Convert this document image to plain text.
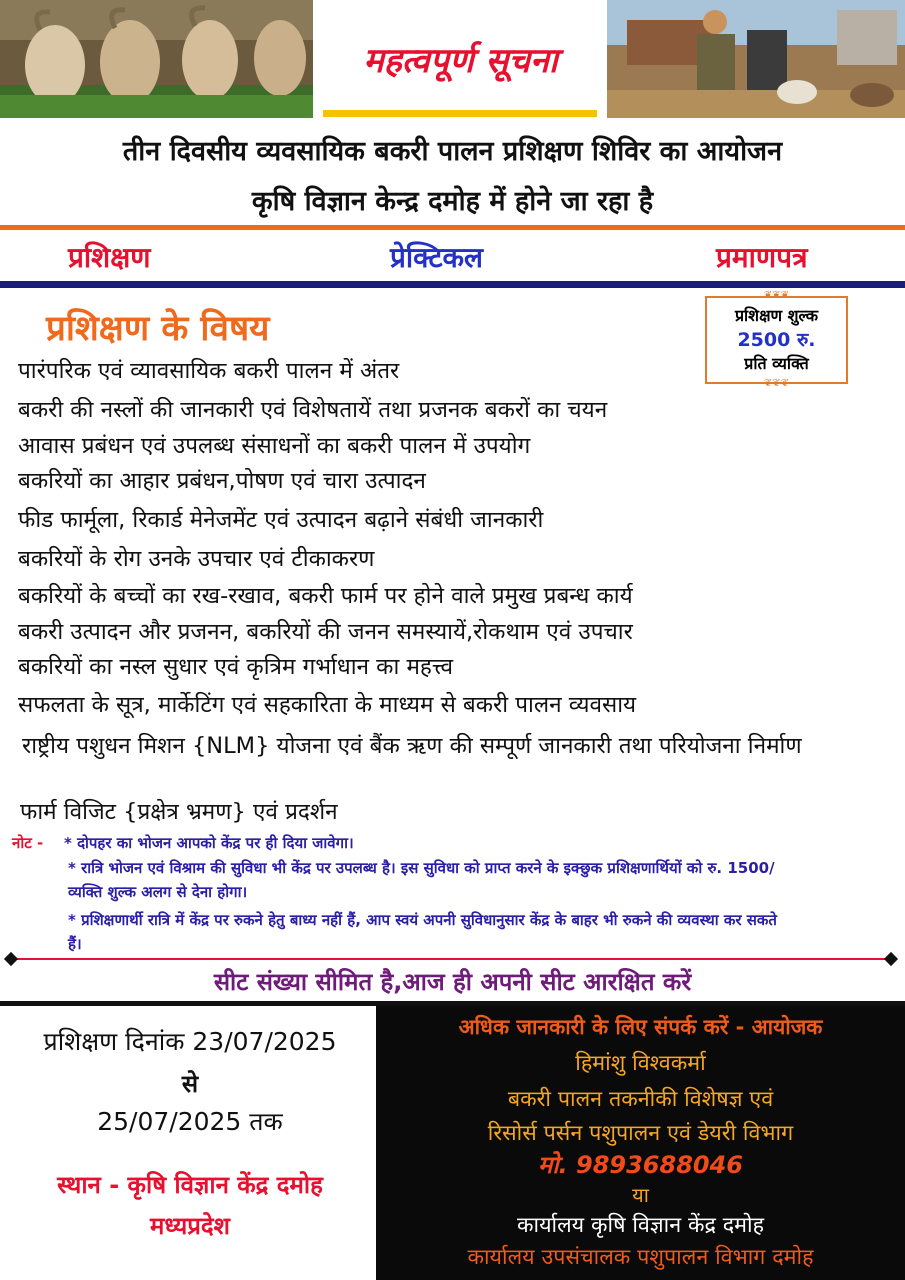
महत्वपूर्ण सूचना
तीन दिवसीय व्यवसायिक बकरी पालन प्रशिक्षण शिविर का आयोजन
कृषि विज्ञान केन्द्र दमोह में होने जा रहा है
प्रशिक्षण	प्रेक्टिकल	प्रमाणपत्र
प्रशिक्षण के विषय
❦❦❦
प्रशिक्षण शुल्क
2500 रु.
प्रति व्यक्ति
❦❦❦
पारंपरिक एवं व्यावसायिक बकरी पालन में अंतर
बकरी की नस्लों की जानकारी एवं विशेषतायें तथा प्रजनक बकरों का चयन
आवास प्रबंधन एवं उपलब्ध संसाधनों का बकरी पालन में उपयोग
बकरियों का आहार प्रबंधन,पोषण एवं चारा उत्पादन
फीड फार्मूला, रिकार्ड मेनेजमेंट एवं उत्पादन बढ़ाने संबंधी जानकारी
बकरियों के रोग उनके उपचार एवं टीकाकरण
बकरियों के बच्चों का रख-रखाव, बकरी फार्म पर होने वाले प्रमुख प्रबन्ध कार्य
बकरी उत्पादन और प्रजनन, बकरियों की जनन समस्यायें,रोकथाम एवं उपचार
बकरियों का नस्ल सुधार एवं कृत्रिम गर्भाधान का महत्त्व
सफलता के सूत्र, मार्केटिंग एवं सहकारिता के माध्यम से बकरी पालन व्यवसाय
राष्ट्रीय पशुधन मिशन {NLM} योजना एवं बैंक ऋण की सम्पूर्ण जानकारी तथा परियोजना निर्माण
फार्म विजिट {प्रक्षेत्र भ्रमण} एवं प्रदर्शन
नोट - * दोपहर का भोजन आपको केंद्र पर ही दिया जावेगा।
* रात्रि भोजन एवं विश्राम की सुविधा भी केंद्र पर उपलब्ध है। इस सुविधा को प्राप्त करने के इक्छुक प्रशिक्षणार्थियों को रु. 1500/ व्यक्ति शुल्क अलग से देना होगा।
* प्रशिक्षणार्थी रात्रि में केंद्र पर रुकने हेतु बाध्य नहीं हैं, आप स्वयं अपनी सुविधानुसार केंद्र के बाहर भी रुकने की व्यवस्था कर सकते हैं।
सीट संख्या सीमित है,आज ही अपनी सीट आरक्षित करें
प्रशिक्षण दिनांक 23/07/2025
से
25/07/2025 तक
स्थान - कृषि विज्ञान केंद्र दमोह
मध्यप्रदेश
अधिक जानकारी के लिए संपर्क करें - आयोजक
हिमांशु विश्वकर्मा
बकरी पालन तकनीकी विशेषज्ञ एवं
रिसोर्स पर्सन पशुपालन एवं डेयरी विभाग
मो. 9893688046
या
कार्यालय कृषि विज्ञान केंद्र दमोह
कार्यालय उपसंचालक पशुपालन विभाग दमोह
